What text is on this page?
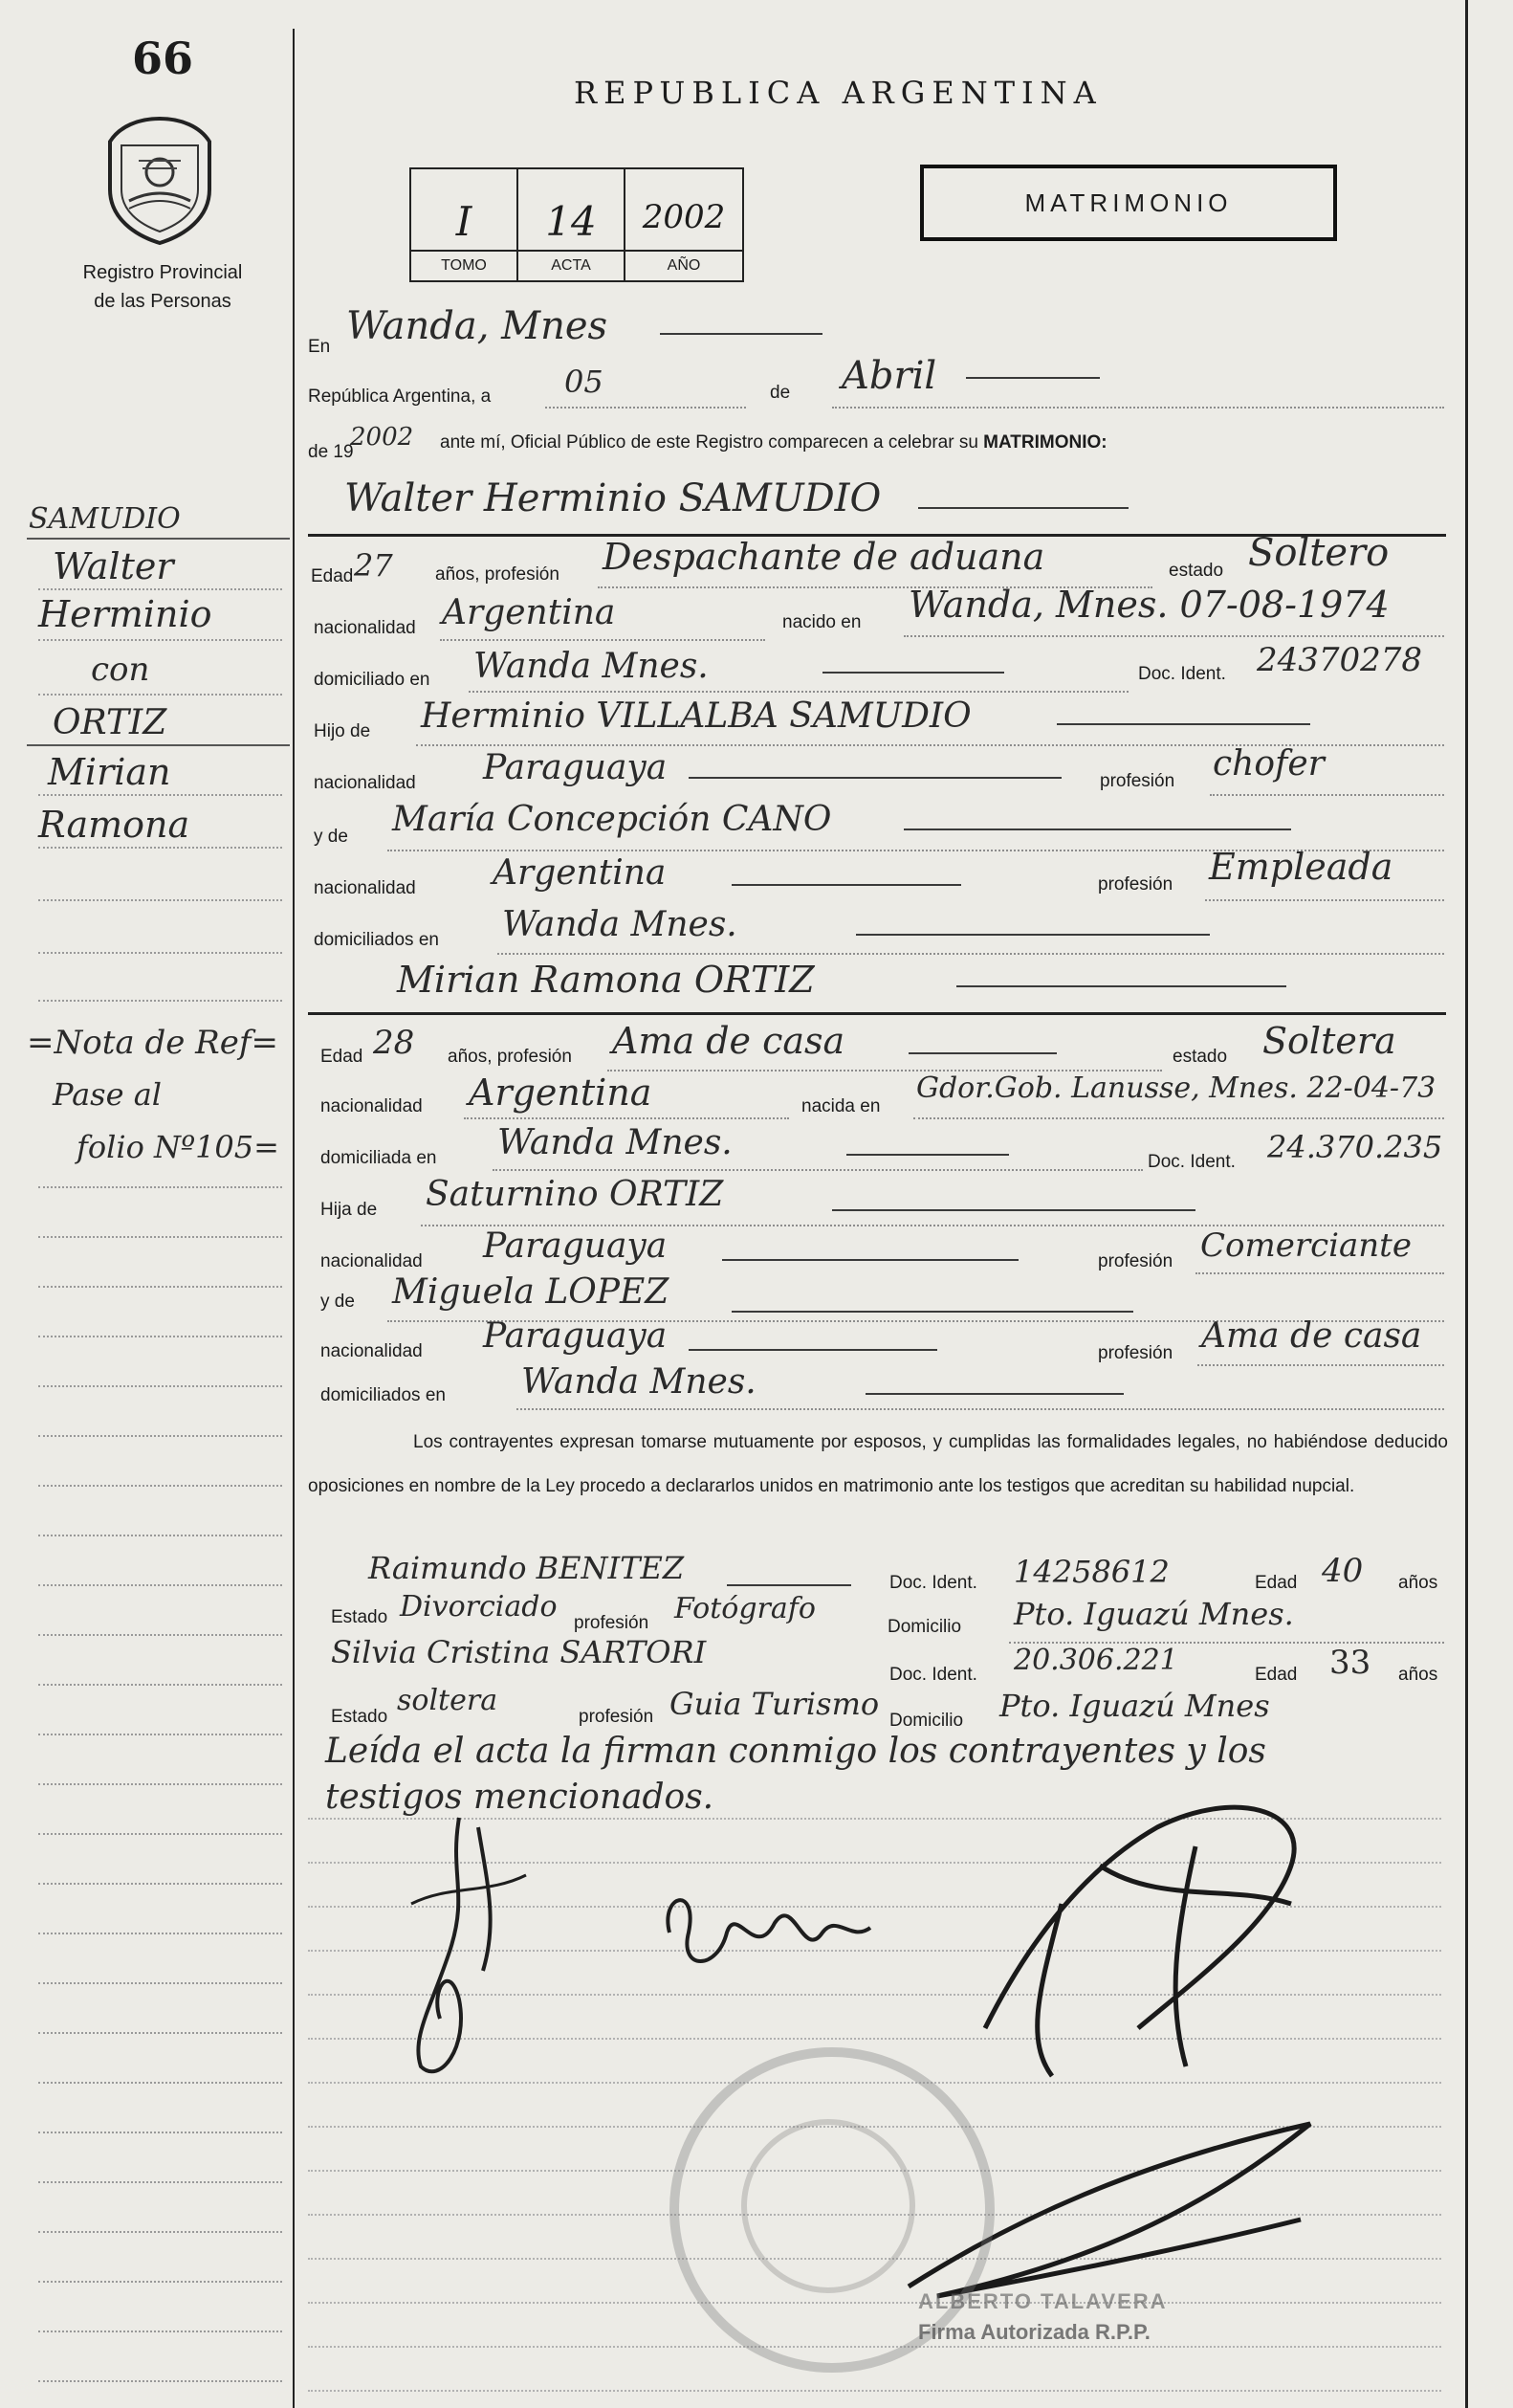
66
Registro Provincial
de las Personas
REPUBLICA ARGENTINA
MATRIMONIO
I
TOMO
14
ACTA
2002
AÑO
En Wanda, Mnes
República Argentina, a 05	de Abril
de 19
2002 ante mí, Oficial Público de este Registro comparecen a celebrar su MATRIMONIO:
Walter Herminio SAMUDIO
SAMUDIO
Walter
Herminio
con
ORTIZ
Mirian
Ramona
=Nota de Ref=
Pase al
folio Nº105=
Edad 27 años, profesión Despachante de aduana	estado Soltero
nacionalidad Argentina	nacido en Wanda, Mnes. 07-08-1974
domiciliado en Wanda Mnes.	Doc. Ident. 24370278
Hijo de Herminio VILLALBA SAMUDIO
nacionalidad Paraguaya	profesión chofer
y de María Concepción CANO
nacionalidad Argentina	profesión Empleada
domiciliados en Wanda Mnes.
Mirian Ramona ORTIZ
Edad 28 años, profesión Ama de casa	estado Soltera
nacionalidad Argentina	nacida en
Gdor.Gob. Lanusse, Mnes. 22-04-73
domiciliada en Wanda Mnes.	Doc. Ident. 24.370.235
Hija de Saturnino ORTIZ
nacionalidad Paraguaya	profesión Comerciante
y de Miguela LOPEZ
nacionalidad Paraguaya	profesión Ama de casa
domiciliados en Wanda Mnes.

Los contrayentes expresan tomarse mutuamente por esposos, y cumplidas las formalidades legales, no habiéndose deducido oposiciones en nombre de la Ley procedo a declararlos unidos en matrimonio ante los testigos que acreditan su habilidad nupcial.

Raimundo BENITEZ	Doc. Ident. 14258612	Edad 40 años
Estado Divorciado profesión Fotógrafo
Domicilio Pto. Iguazú Mnes.
Silvia Cristina SARTORI
Doc. Ident. 20.306.221	Edad 33 años
Estado soltera	profesión Guia Turismo Domicilio Pto. Iguazú Mnes
Leída el acta la firman conmigo los contrayentes y los
testigos mencionados.
ALBERTO TALAVERA
Firma Autorizada R.P.P.
